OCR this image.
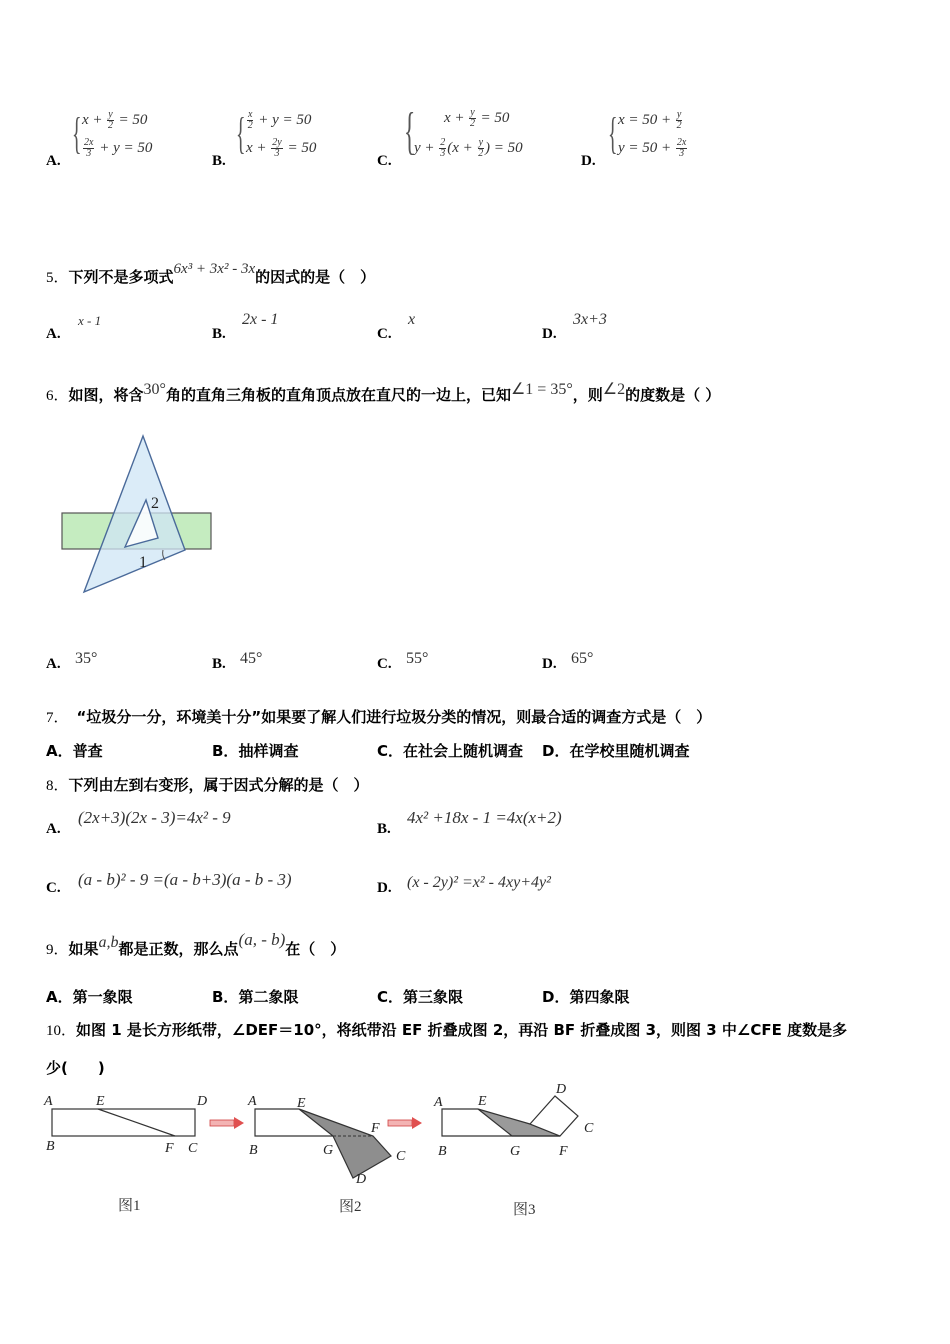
A.
{ $x + \frac{y}{2} = 50$
$\frac{2x}{3} + y = 50$
B.
{ $\frac{x}{2} + y = 50$
$x + \frac{2y}{3} = 50$
C.
{ $x + \frac{y}{2} = 50$
$y + \frac{2}{3} (x + \frac{y}{2}$ ) = 50
D.
{ $x = 50 + \frac{y}{2}$
$y = 50 + \frac{2x}{3}$
5．下列不是多项式6x³ + 3x² - 3x的因式的是（　）
A.
x - 1
B.
2x - 1
C.
x
D.
3x+3
6．如图，将含30°角的直角三角板的直角顶点放在直尺的一边上，已知∠1 = 35°，则∠2的度数是（ ）
2
1
A. 35°	B. 45°	C. 55°	D. 65°
7． “垃圾分一分，环境美十分”如果要了解人们进行垃圾分类的情况，则最合适的调查方式是（　）
A．普查	B．抽样调查	C．在社会上随机调查 D．在学校里随机调查
8．下列由左到右变形，属于因式分解的是（　）
A.
(2x+3)(2x - 3)=4x² - 9
B.
4x² +18x - 1 =4x(x+2)
C. (a - b)² - 9 =(a - b+3)(a - b - 3)	D. (x - 2y)² =x² - 4xy+4y²
9．如果a,b都是正数，那么点(a, - b)在（　）
A．第一象限	B．第二象限	C．第三象限	D．第四象限
10．如图 1 是长方形纸带，∠DEF＝10°，将纸带沿 EF 折叠成图 2，再沿 BF 折叠成图 3，则图 3 中∠CFE 度数是多
少(　　)
A	E	D
B	F C
A	E
F
B	G	C
D
A	E
D
C
B	G	F
图1	图2	图3
